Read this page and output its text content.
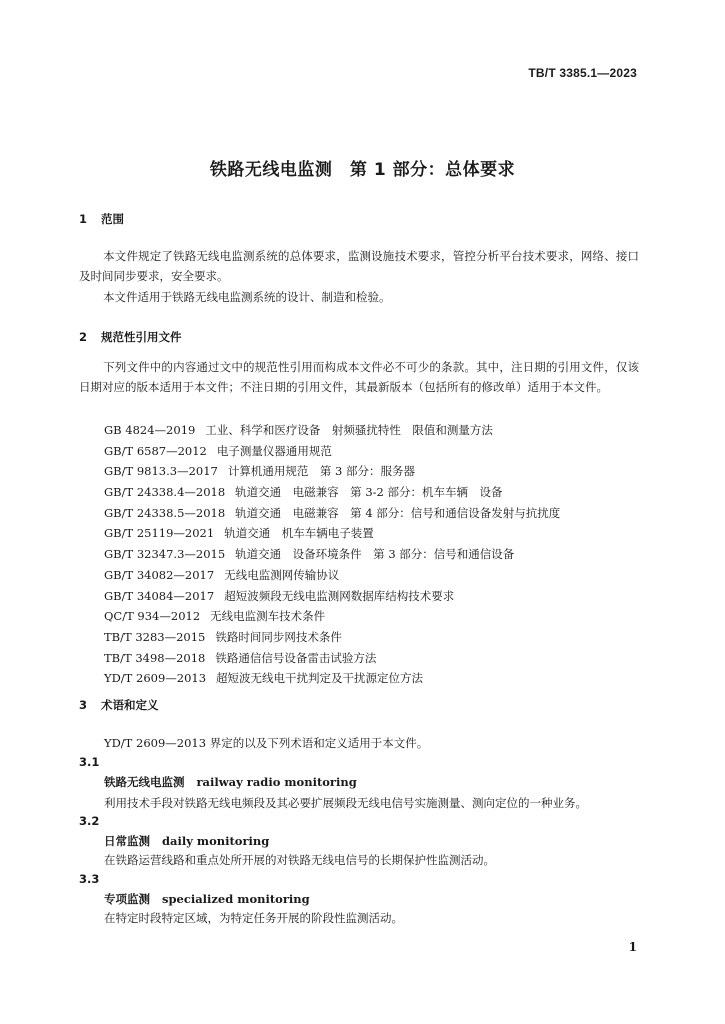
TB/T 3385.1—2023
铁路无线电监测　第 1 部分：总体要求
1 范围
本文件规定了铁路无线电监测系统的总体要求，监测设施技术要求，管控分析平台技术要求，网络、接口及时间同步要求，安全要求。
本文件适用于铁路无线电监测系统的设计、制造和检验。
2 规范性引用文件
下列文件中的内容通过文中的规范性引用而构成本文件必不可少的条款。其中，注日期的引用文件，仅该日期对应的版本适用于本文件；不注日期的引用文件，其最新版本（包括所有的修改单）适用于本文件。
GB 4824—2019 工业、科学和医疗设备　射频骚扰特性　限值和测量方法
GB/T 6587—2012 电子测量仪器通用规范
GB/T 9813.3—2017 计算机通用规范　第 3 部分：服务器
GB/T 24338.4—2018 轨道交通　电磁兼容　第 3-2 部分：机车车辆　设备
GB/T 24338.5—2018 轨道交通　电磁兼容　第 4 部分：信号和通信设备发射与抗扰度
GB/T 25119—2021 轨道交通　机车车辆电子装置
GB/T 32347.3—2015 轨道交通　设备环境条件　第 3 部分：信号和通信设备
GB/T 34082—2017 无线电监测网传输协议
GB/T 34084—2017 超短波频段无线电监测网数据库结构技术要求
QC/T 934—2012 无线电监测车技术条件
TB/T 3283—2015 铁路时间同步网技术条件
TB/T 3498—2018 铁路通信信号设备雷击试验方法
YD/T 2609—2013 超短波无线电干扰判定及干扰源定位方法
3 术语和定义
YD/T 2609—2013 界定的以及下列术语和定义适用于本文件。
3.1
铁路无线电监测 railway radio monitoring
利用技术手段对铁路无线电频段及其必要扩展频段无线电信号实施测量、测向定位的一种业务。
3.2
日常监测 daily monitoring
在铁路运营线路和重点处所开展的对铁路无线电信号的长期保护性监测活动。
3.3
专项监测 specialized monitoring
在特定时段特定区域，为特定任务开展的阶段性监测活动。
1
